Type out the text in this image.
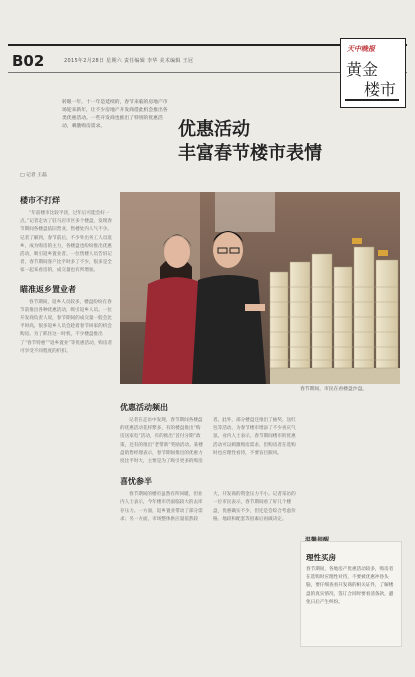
B02	2015年2月28日 星期六 责任编辑 李华 美术编辑 王冠
天中晚报
黄金
楼市
转眼一年，十一年是延续的，春节来临的房地产市场迎来新年，让不少房地产开发商借此机会推出各类优惠活动。一些开发商也推出了特别的优惠活动，刺激购房需求。	优惠活动
丰富春节楼市表情
□ 记者 王磊
楼市不打烊
“年前楼市比较平淡，过年后可能会好一点。”记者走访了驻马店市区多个楼盘，发现春节期间各楼盘依旧营业，售楼处内人气不少。记者了解到，春节前后，不少外出务工人员返乡，成为购房的主力，各楼盘也纷纷推出优惠活动，吸引返乡置业者。一位售楼人员告诉记者，春节期间客户比平时多了不少，很多是全家一起来看房的，成交量也有所增加。
瞄准返乡置业者
春节期间，返乡人员较多，楼盘纷纷在春节前推出各种优惠活动，吸引返乡人员。一位开发商负责人说，春节期间的成交量一般会比平时高，很多返乡人员会趁着春节回家的机会购房。为了抓住这一时机，不少楼盘推出了“春节特惠”“返乡置业”等优惠活动，购房者可享受不同程度的折扣。
春节期间，市民在看楼盘沙盘。
优惠活动频出
记者在走访中发现，春节期间各楼盘的优惠活动花样繁多，有的楼盘推出“购房送家电”活动，有的推出“首付分期”政策，还有的推出“老带新”奖励活动。某楼盘销售经理表示，春节期间推出的优惠力度比平时大，主要是为了吸引更多的购房者。此外，部分楼盘还推出了抽奖、送红包等活动，为春节楼市增添了不少喜庆气氛。业内人士表示，春节期间楼市的优惠活动可以刺激购房需求，但购房者在选购时也应理性看待，不要盲目跟风。
喜忧参半
春节期间的楼市虽然有所回暖，但业内人士表示，今年楼市仍面临较大的去库存压力。一方面，返乡置业带动了部分需求；另一方面，市场整体供应量依然较大，开发商的资金压力不小。记者采访的一位市民表示，春节期间看了好几个楼盘，优惠确实不少，但还是会综合考虑价格、地段和配套等因素后再做决定。
理性买房
春节期间，各地房产优惠活动较多，购房者在选购时应理性对待，不要被优惠冲昏头脑，要仔细查看开发商的相关证件，了解楼盘的真实情况，签订合同时要看清条款，避免日后产生纠纷。
